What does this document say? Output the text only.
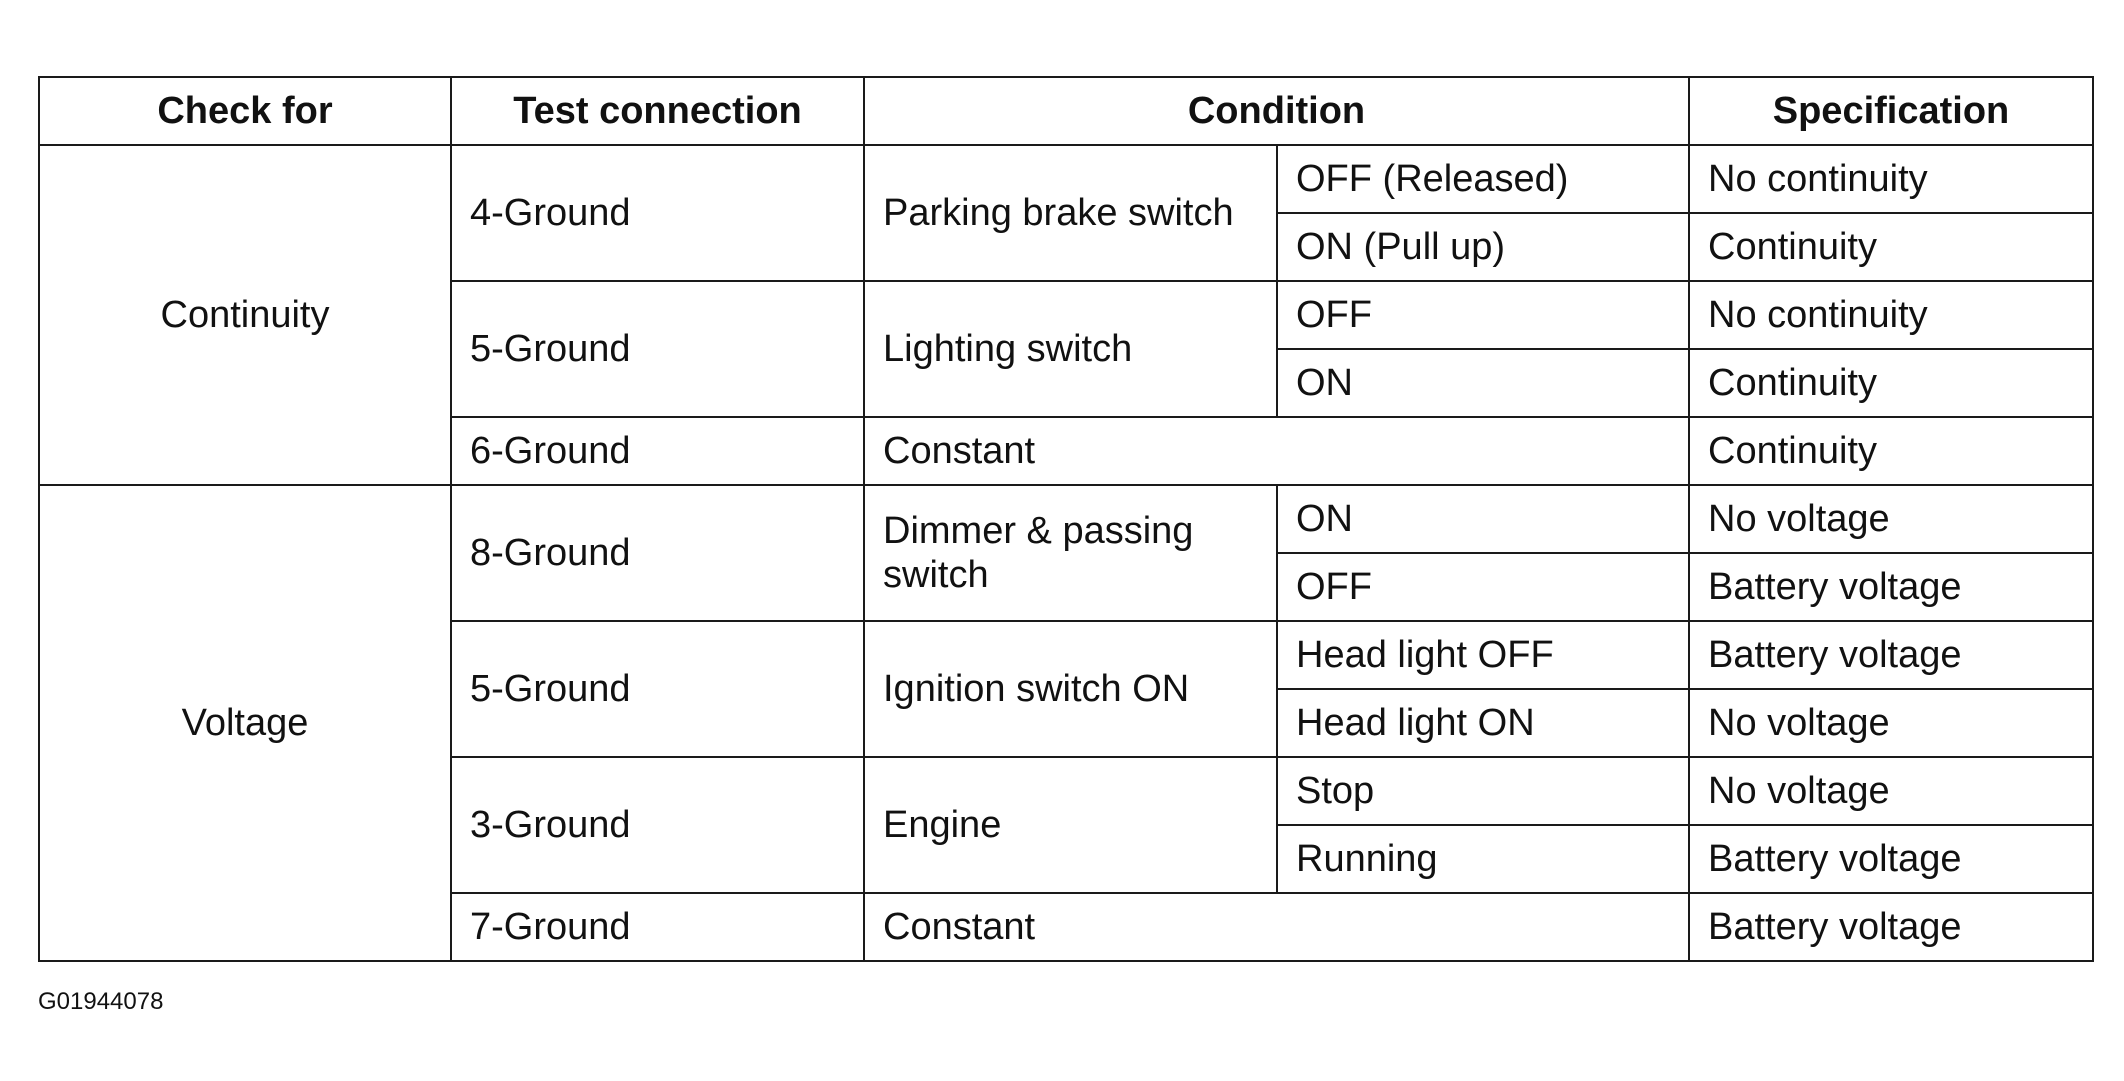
Check for	Test connection	Condition		Specification
Continuity	4-Ground	Parking brake switch	OFF (Released)	No continuity
			ON (Pull up)	Continuity
	5-Ground	Lighting switch	OFF	No continuity
			ON	Continuity
	6-Ground	Constant		Continuity
Voltage	8-Ground	Dimmer & passing switch	ON	No voltage
			OFF	Battery voltage
	5-Ground	Ignition switch ON	Head light OFF	Battery voltage
			Head light ON	No voltage
	3-Ground	Engine	Stop	No voltage
			Running	Battery voltage
	7-Ground	Constant		Battery voltage
G01944078
